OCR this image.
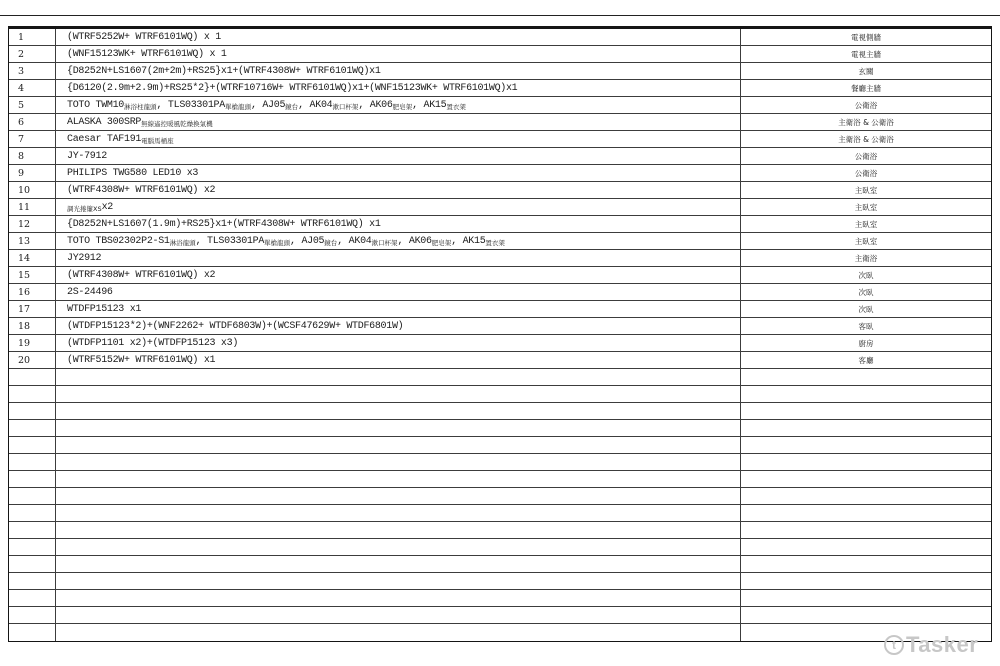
1	(WTRF5252W+ WTRF6101WQ) x 1	電視側牆
2	(WNF15123WK+ WTRF6101WQ) x 1	電視主牆
3	{D8252N+LS1607(2m+2m)+RS25}x1+(WTRF4308W+ WTRF6101WQ)x1	玄關
4	{D6120(2.9m+2.9m)+RS25*2}+(WTRF10716W+ WTRF6101WQ)x1+(WNF15123WK+ WTRF6101WQ)x1	餐廳主牆
5	TOTO TWM10 淋浴柱龍頭 , TLS03301PA 單槍龍頭 , AJ05 鏡台 , AK04 漱口杯架 , AK06 肥皂架 , AK15 置衣架	公衛浴
6	ALASKA 300SRP 無線遙控暖風乾燥換氣機	主衛浴 & 公衛浴
7	Caesar TAF191 電腦馬桶座	主衛浴 & 公衛浴
8	JY-7912	公衛浴
9	PHILIPS TWG580 LED10 x3	公衛浴
10	(WTRF4308W+ WTRF6101WQ) x2	主臥室
11	調光捲簾XS x2	主臥室
12	{D8252N+LS1607(1.9m)+RS25}x1+(WTRF4308W+ WTRF6101WQ) x1	主臥室
13	TOTO TBS02302P2-S1 淋浴龍頭 , TLS03301PA 單槍龍頭 , AJ05 鏡台 , AK04 漱口杯架 , AK06 肥皂架 , AK15 置衣架	主臥室
14	JY2912	主衛浴
15	(WTRF4308W+ WTRF6101WQ) x2	次臥
16	2S-24496	次臥
17	WTDFP15123 x1	次臥
18	(WTDFP15123*2)+(WNF2262+ WTDF6803W)+(WCSF47629W+ WTDF6801W)	客臥
19	(WTDFP1101 x2)+(WTDFP15123 x3)	廚房
20	(WTRF5152W+ WTRF6101WQ) x1	客廳
t Tasker
